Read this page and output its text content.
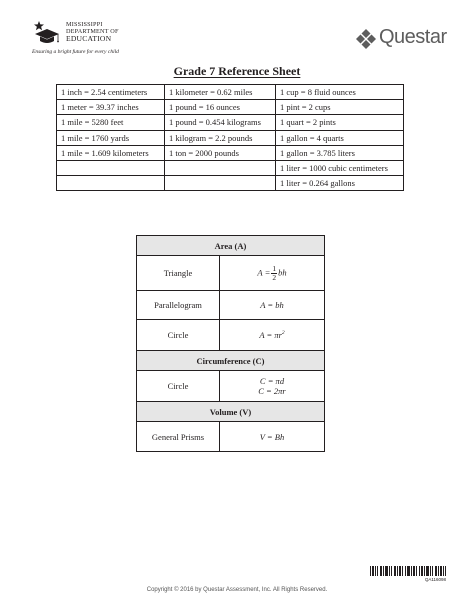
MISSISSIPPI
DEPARTMENT OF
EDUCATION
Ensuring a bright future for every child
Questar
Grade 7 Reference Sheet
1 inch = 2.54 centimeters	1 kilometer = 0.62 miles	1 cup = 8 fluid ounces
1 meter = 39.37 inches	1 pound = 16 ounces	1 pint = 2 cups
1 mile = 5280 feet	1 pound = 0.454 kilograms	1 quart = 2 pints
1 mile = 1760 yards	1 kilogram = 2.2 pounds	1 gallon = 4 quarts
1 mile = 1.609 kilometers	1 ton = 2000 pounds	1 gallon = 3.785 liters
		1 liter = 1000 cubic centimeters
		1 liter = 0.264 gallons
Area (A)	
Triangle	$A = \frac{1}{2}$ bh
Parallelogram	A = bh
Circle	$A = \pi r^2$
Circumference (C)	
Circle	C = πd
C = 2πr

Volume (V)	
General Prisms	V = Bh
QA116098
Copyright © 2016 by Questar Assessment, Inc. All Rights Reserved.
